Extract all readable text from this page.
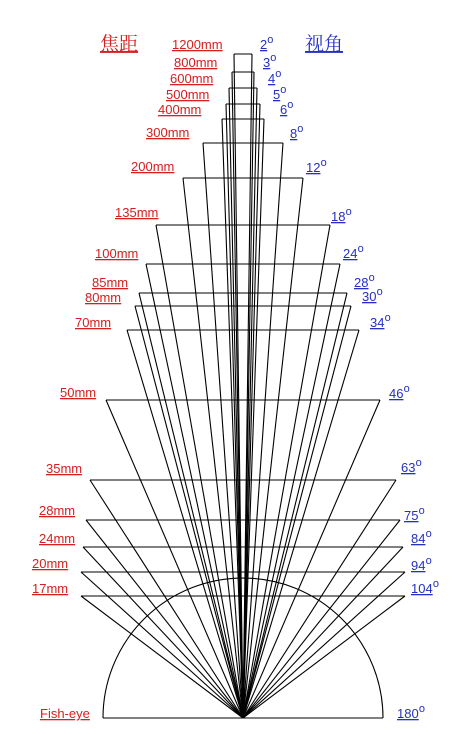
焦距	视角
1200mm	2 o
800mm	3 o
600mm	4 o
500mm	5 o
400mm	6 o
300mm	8 o
200mm	12 o
135mm	18 o
100mm	24 o
85mm	28 o
80mm	30 o
70mm	34 o
50mm	46 o
35mm	63 o
28mm	75 o
24mm	84 o
20mm	94 o
17mm	104 o
Fish-eye	180 o
